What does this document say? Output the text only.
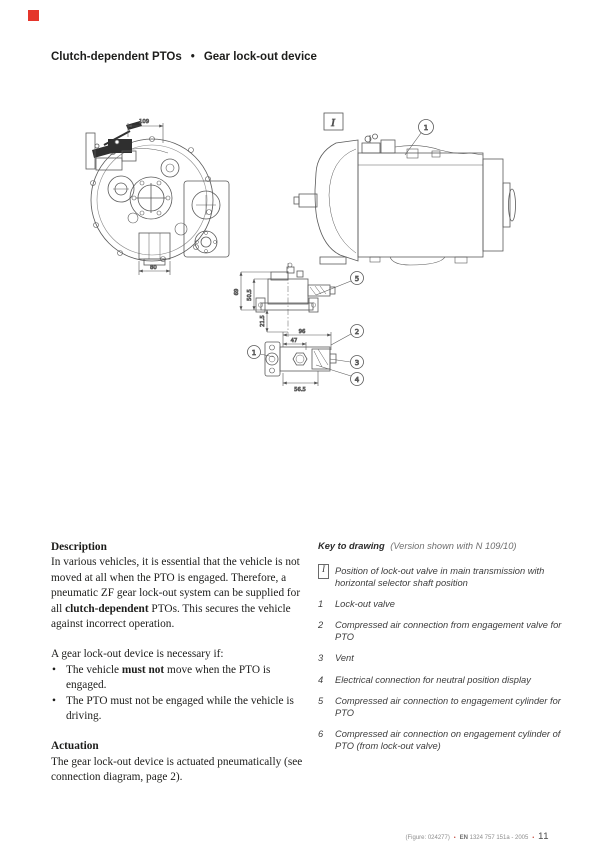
Clutch-dependent PTOs • Gear lock-out device
109
80
I	1
69 50.5
21.5
5
96
47
56.5
1
2
3
4

Description

In various vehicles, it is essential that the vehicle is not moved at all when the PTO is engaged. Therefore, a pneumatic ZF gear lock-out system can be supplied for all clutch-dependent PTOs. This secures the vehicle against incorrect operation.

A gear lock-out device is necessary if:

• The vehicle must not move when the PTO is engaged.
• The PTO must not be engaged while the vehicle is driving.

Actuation

The gear lock-out device is actuated pneumatically (see connection diagram, page 2).

Key to drawing (Version shown with N 109/10)
I	Position of lock-out valve in main transmission with horizontal selector shaft position
1 Lock-out valve
2 Compressed air connection from engagement valve for PTO
3 Vent
4 Electrical connection for neutral position display
5 Compressed air connection to engagement cylinder for PTO
6 Compressed air connection on engagement cylinder of PTO (from lock-out valve)
(Figure: 024277) • EN 1324 757 151a - 2005 • 11
